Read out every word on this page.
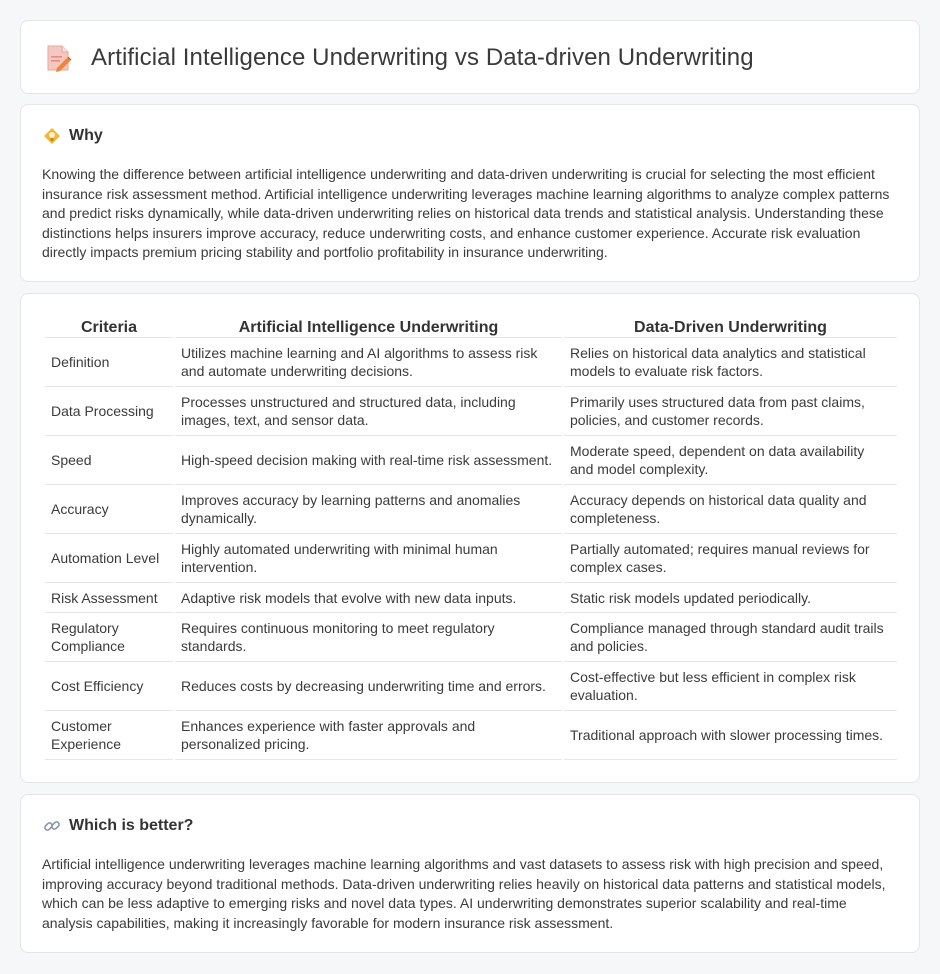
Artificial Intelligence Underwriting vs Data-driven Underwriting
Why

Knowing the difference between artificial intelligence underwriting and data-driven underwriting is crucial for selecting the most efficient insurance risk assessment method. Artificial intelligence underwriting leverages machine learning algorithms to analyze complex patterns and predict risks dynamically, while data-driven underwriting relies on historical data trends and statistical analysis. Understanding these distinctions helps insurers improve accuracy, reduce underwriting costs, and enhance customer experience. Accurate risk evaluation directly impacts premium pricing stability and portfolio profitability in insurance underwriting.

Criteria	Artificial Intelligence Underwriting	Data-Driven Underwriting
Definition	Utilizes machine learning and AI algorithms to assess risk and automate underwriting decisions.	Relies on historical data analytics and statistical models to evaluate risk factors.
Data Processing	Processes unstructured and structured data, including images, text, and sensor data.	Primarily uses structured data from past claims, policies, and customer records.
Speed	High-speed decision making with real-time risk assessment.	Moderate speed, dependent on data availability and model complexity.
Accuracy	Improves accuracy by learning patterns and anomalies dynamically.	Accuracy depends on historical data quality and completeness.
Automation Level	Highly automated underwriting with minimal human intervention.	Partially automated; requires manual reviews for complex cases.
Risk Assessment	Adaptive risk models that evolve with new data inputs.	Static risk models updated periodically.
Regulatory Compliance	Requires continuous monitoring to meet regulatory standards.	Compliance managed through standard audit trails and policies.
Cost Efficiency	Reduces costs by decreasing underwriting time and errors.	Cost-effective but less efficient in complex risk evaluation.
Customer Experience	Enhances experience with faster approvals and personalized pricing.	Traditional approach with slower processing times.
Which is better?

Artificial intelligence underwriting leverages machine learning algorithms and vast datasets to assess risk with high precision and speed, improving accuracy beyond traditional methods. Data-driven underwriting relies heavily on historical data patterns and statistical models, which can be less adaptive to emerging risks and novel data types. AI underwriting demonstrates superior scalability and real-time analysis capabilities, making it increasingly favorable for modern insurance risk assessment.
